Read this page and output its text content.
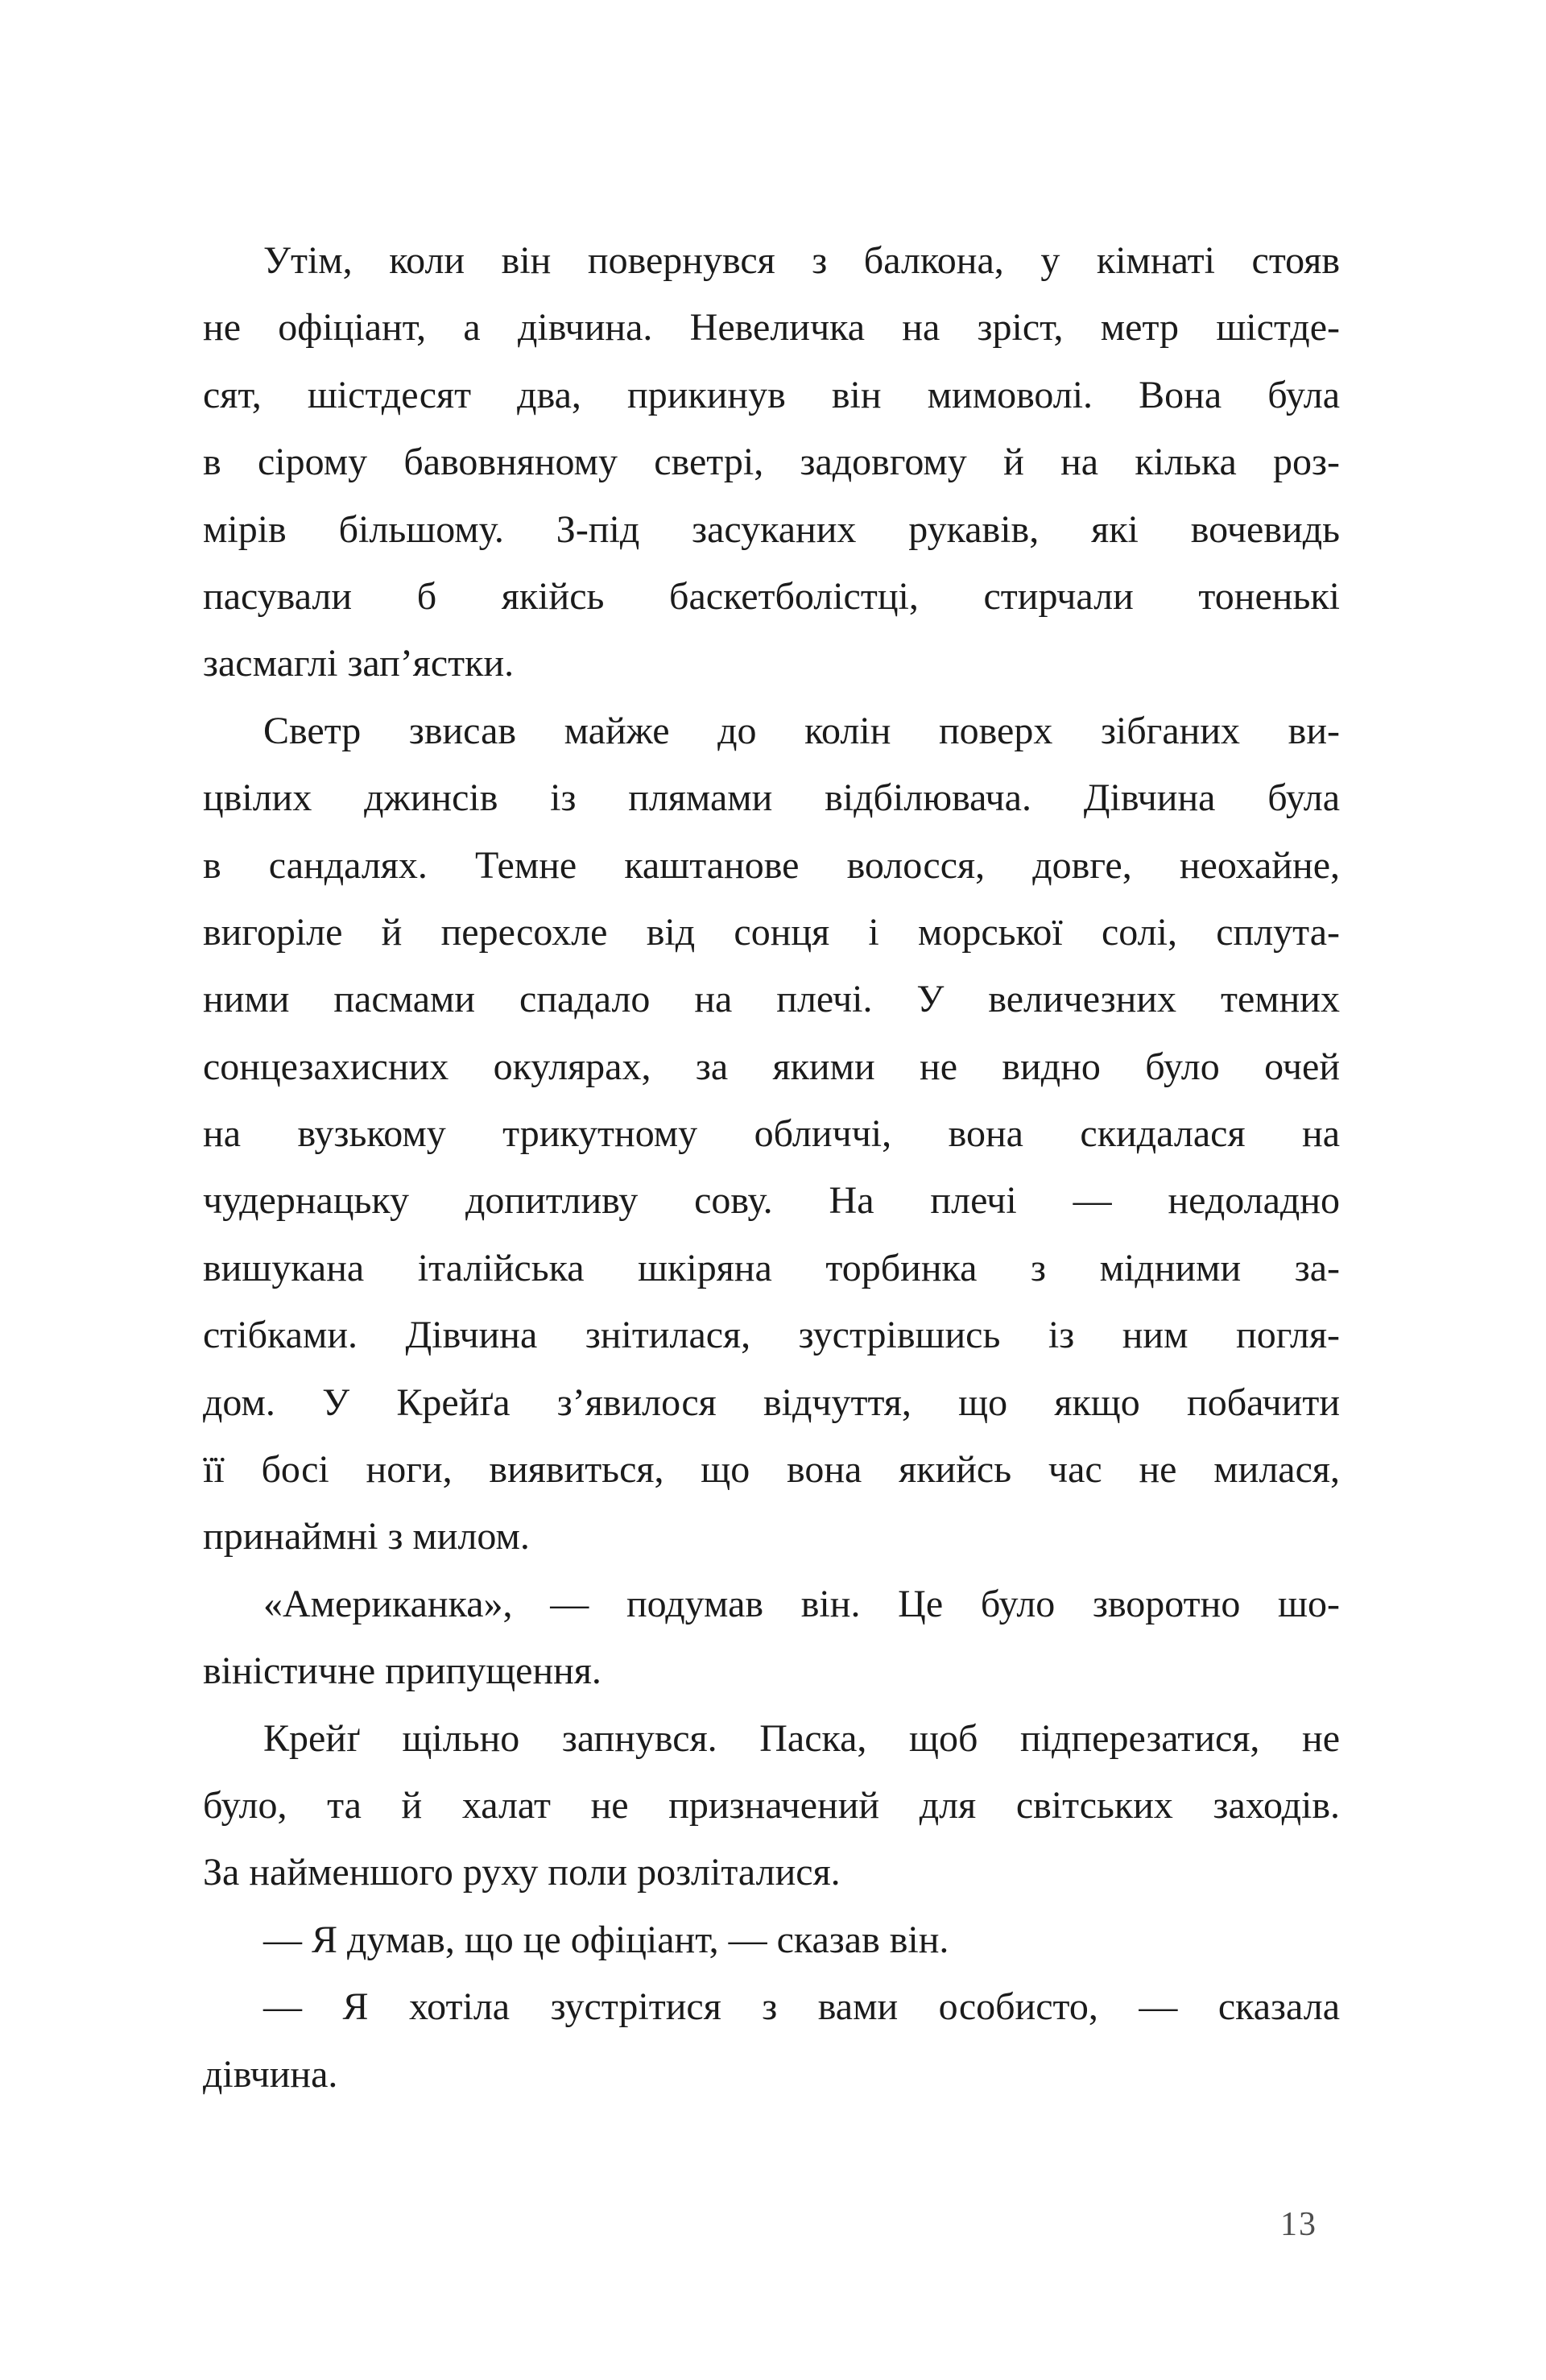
Утім, коли він повернувся з балкона, у кімнаті стояв
не офіціант, а дівчина. Невеличка на зріст, метр шістде-
сят, шістдесят два, прикинув він мимоволі. Вона була
в сірому бавовняному светрі, задовгому й на кілька роз-
мірів більшому. З-під засуканих рукавів, які вочевидь
пасували б якійсь баскетболістці, стирчали тоненькі
засмаглі зап’ястки.
Светр звисав майже до колін поверх зібганих ви-
цвілих джинсів із плямами відбілювача. Дівчина була
в сандалях. Темне каштанове волосся, довге, неохайне,
вигоріле й пересохле від сонця і морської солі, сплута-
ними пасмами спадало на плечі. У величезних темних
сонцезахисних окулярах, за якими не видно було очей
на вузькому трикутному обличчі, вона скидалася на
чудернацьку допитливу сову. На плечі — недоладно
вишукана італійська шкіряна торбинка з мідними за-
стібками. Дівчина знітилася, зустрівшись із ним погля-
дом. У Крейґа з’явилося відчуття, що якщо побачити
її босі ноги, виявиться, що вона якийсь час не милася,
принаймні з милом.
«Американка», — подумав він. Це було зворотно шо-
віністичне припущення.
Крейґ щільно запнувся. Паска, щоб підперезатися, не
було, та й халат не призначений для світських заходів.
За найменшого руху поли розліталися.
— Я думав, що це офіціант, — сказав він.
— Я хотіла зустрітися з вами особисто, — сказала
дівчина.
13
